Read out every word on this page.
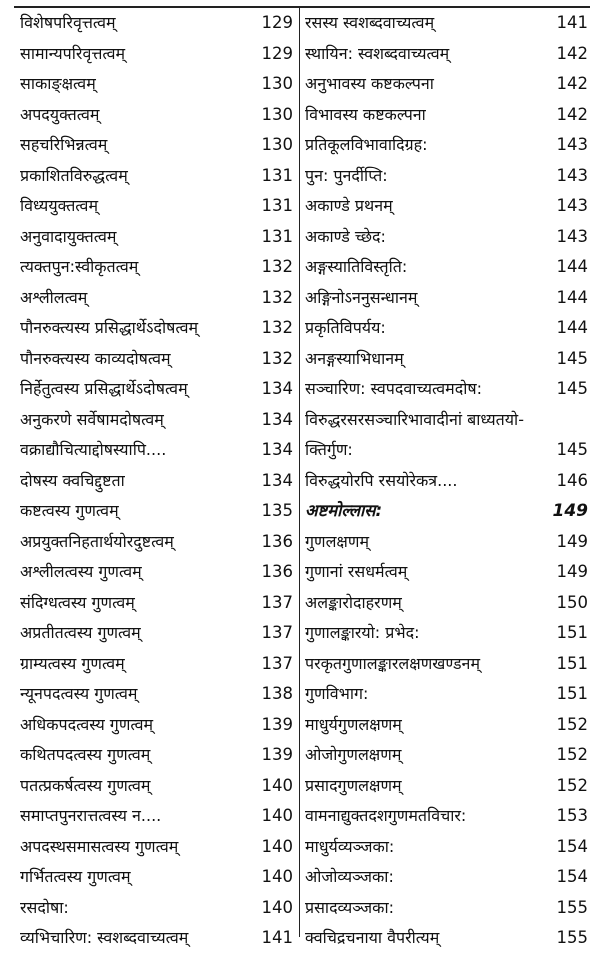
विशेषपरिवृत्तत्वम्	129
सामान्यपरिवृत्तत्वम्	129
साकाङ्क्षत्वम्	130
अपदयुक्तत्वम्	130
सहचरिभिन्नत्वम्	130
प्रकाशितविरुद्धत्वम्	131
विध्ययुक्तत्वम्	131
अनुवादायुक्तत्वम्	131
त्यक्तपुन:स्वीकृतत्वम्	132
अश्लीलत्वम्	132
पौनरुक्त्यस्य प्रसिद्धार्थेऽदोषत्वम्	132
पौनरुक्त्यस्य काव्यदोषत्वम्	132
निर्हेतुत्वस्य प्रसिद्धार्थेऽदोषत्वम्	134
अनुकरणे सर्वेषामदोषत्वम्	134
वक्राद्यौचित्याद्दोषस्यापि....	134
दोषस्य क्वचिद्दुष्टता	134
कष्टत्वस्य गुणत्वम्	135
अप्रयुक्तनिहतार्थयोरदुष्टत्वम्	136
अश्लीलत्वस्य गुणत्वम्	136
संदिग्धत्वस्य गुणत्वम्	137
अप्रतीतत्वस्य गुणत्वम्	137
ग्राम्यत्वस्य गुणत्वम्	137
न्यूनपदत्वस्य गुणत्वम्	138
अधिकपदत्वस्य गुणत्वम्	139
कथितपदत्वस्य गुणत्वम्	139
पतत्प्रकर्षत्वस्य गुणत्वम्	140
समाप्तपुनरात्तत्वस्य न....	140
अपदस्थसमासत्वस्य गुणत्वम्	140
गर्भितत्वस्य गुणत्वम्	140
रसदोषा:	140
व्यभिचारिण: स्वशब्दवाच्यत्वम्	141
रसस्य स्वशब्दवाच्यत्वम्	141
स्थायिन: स्वशब्दवाच्यत्वम्	142
अनुभावस्य कष्टकल्पना	142
विभावस्य कष्टकल्पना	142
प्रतिकूलविभावादिग्रह:	143
पुन: पुनर्दीप्ति:	143
अकाण्डे प्रथनम्	143
अकाण्डे च्छेद:	143
अङ्गस्यातिविस्तृति:	144
अङ्गिनोऽननुसन्धानम्	144
प्रकृतिविपर्यय:	144
अनङ्गस्याभिधानम्	145
सञ्चारिण: स्वपदवाच्यत्वमदोष:	145
विरुद्धरसरसञ्चारिभावादीनां बाध्यतयो-
क्तिर्गुण:	145
विरुद्धयोरपि रसयोरेकत्र....	146
अष्टमोल्लास:	149
गुणलक्षणम्	149
गुणानां रसधर्मत्वम्	149
अलङ्कारोदाहरणम्	150
गुणालङ्कारयो: प्रभेद:	151
परकृतगुणालङ्कारलक्षणखण्डनम्	151
गुणविभाग:	151
माधुर्यगुणलक्षणम्	152
ओजोगुणलक्षणम्	152
प्रसादगुणलक्षणम्	152
वामनाद्युक्तदशगुणमतविचार:	153
माधुर्यव्यञ्जका:	154
ओजोव्यञ्जका:	154
प्रसादव्यञ्जका:	155
क्वचिद्रचनाया वैपरीत्यम्	155
